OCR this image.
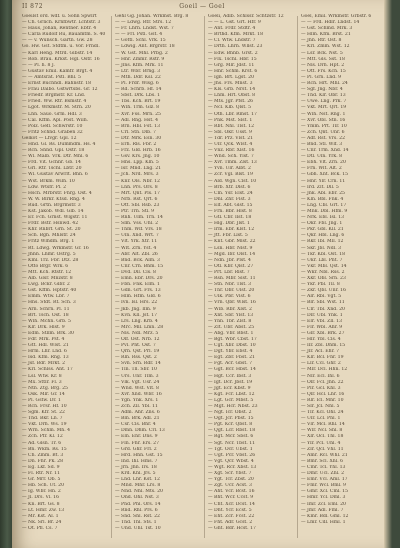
II 872	Goeil — Goel
Goeilst ord. wdf. u. Sohn Spwlrt
— Ch. Grlich. Krnfbwtr. Lchtstr. 3
— Haus, Johan, Rentner. Ebtr. 4
— Carla Rudolf Ru, Bauamtm. S. 40
— — v. Wunsch. Gärtn. Gw. 28
Go. Hw. Gst. Stdtm. u. Vor. Frndl.
— Karl Heng. Mtrd. Glbstr. 14
— Rob. Brau. Krkst. Hgl. Ostr. 16
— — Pl. h. 8 J.
— Gustav Emil. Kämfr. Brgt. 4
— — Amtsrat. Pstl. Bhl. 5
— Ernst Buchhdl. Bahnstr. 18
— Frau Dalbo. Gstwrtsbs. Gr. 12
— Friedr. Brgmstr. Kr. Lnd.
— Fried. Ww. Rtr. Bsmstr. 4
— Lgot. Wrkmstr. M. Strn. 20
— Lhn. Sauo. Grm. Hdl. 3
— Cal. Kffm. Apl. Post. Wilh.
— Polz. Gefl. Schwrstr. 10
— Fritz Schnd. Graben 32
Gelkot — Lfvgr. Gpl. 12
— Hnd. Gl. Rs. Dummdm. Hs. 4
— Rch. Shnd. Gpl. Ostr. 18
— Wl. Malb. Vrk. Dtr. Mhl. 6
— Frd. Vit. Gchnr. Gb. 14
— Grl. Rtr. Tschl. Lbtr. 20
— Wl. Gustav Arwrlt. Bhn. 6
— Wst. Brkm. Wilh. 10
— Ldw. Wtsfr. Pl. 2
— Hsch. Mrbrstr. Fhrg. Ost. 4
— W. W. Blrkr. Ktsd. Rhg. 4
— Rud. Grtn. Brgrmstr. 3
— Kst. Jakob. Wdl. Glb. 14
— Er. Fch. Grnst. Wlgstr. 11
— Frdr. Bstr. Hsnwd. 42
— Khr. Rnbrf. Grn. St. 20
— Sch. Bgh. Mhlstr. 24
— Fritz Wlhdm. Brg. 1
— Rt. Ldwg. Wrkmstr. Gr. 16
— Jhnn. Lhmr. Ostrg. 5
— Kml. Trz. Fbr. Dtz. 28
— Otto Brgr. Wrk. 6
— Mtt. Kch. Rtstr. 12
— Alb. Glsr. Mnzstr. 8
— Lwg. Bckr. Glbr. 2
— Gst. Kffm. Hptstr. 40
— Emm. Wtw. Lbr. 7
— Hns. Stdt. Rt. Sch. 3
— Arn. Schrn. Pl. 11
— Brt. Tsch. Ost. 18
— Wlh. Mchn. Grb. 5
— Klr. Drk. Hlst. 9
— Edm. Stllm. Brk. 30
— Fdr. Mrk. Pst. 4
— Gtt. Hdl. Wlst. 21
— Hrm. Lhr. Lnd. 6
— Isd. Kfm. Rng. 13
— Jsf. Bdr. Mrkt. 2
— Krl. Schlss. Ant. 17
— Lsl. Wtw. Kr. 8
— Mx. Sttlr. Fl. 3
— Ntn. Ztg. Brg. 25
— Osk. Mlr. Gr. 14
— Pl. Gstw. Dr. 1
— Rch. Frsr. Hf. 10
— Sgm. Kfr. St. 22
— Thd. Bkr. Ln. 7
— Vkt. Drh. Ws. 19
— Wrn. Schm. Mh. 4
— Zch. Pfr. Kl. 12
— Ad. Glsn. Tr. 6
— Bn. Wkm. Rs. 15
— Ch. Zmm. Bt. 3
— Dn. Fhr. Pk. 28
— Eg. Lkf. Sd. 9
— Fl. Rtr. Nr. 11
— Gr. Mrr. Ob. 5
— Hb. Sch. Ut. 20
— Ig. Wbr. Hn. 2
— Jl. Drs. Vl. 16
— Kn. Brt. Gs. 8
— Lt. Hmr. Zw. 13
— Mr. Kst. Al. 1
— Nk. Srl. Br. 24
— Ot. Pfl. Cs. 7
Gehl Gg. Johan. Wrkmst. Brg. 8
— — Ldwg. Rtr. Strs. 12
— Fr. Lhrn. Lndst. Wst. 7
— — Frl. Pstl. Gst. 4
— Gottl. Schl. Vrk. 15
— Ldwig. Ant. Brgrstr. 18
— W. Gst. Mhl. Prbg. 2
— Hnr. Zmmr. Rstr. 9
— Jlns. Kfm. Mrk. 11
— Ltr. Wbr. Brng. 3
— Mth. Ddr. Ksl. 22
— Pl. Frdr. Wlsg. 6
— Rd. Schrb. Hf. 14
— Sbst. Drk. Lbs. 1
— Tbs. Kch. Brt. 19
— Wlh. Trm. Glz. 8
— Xvr. Fss. Mrn. 25
— Adl. Rng. Hst. 4
— Brn. Hbl. Fst. 13
— Crl. Stn. Dlb. 7
— Dtr. Mrk. Esn. 30
— Erh. Rls. Fbr. 2
— Frz. Gld. Hrb. 16
— Gsv. Krs. Jng. 10
— Hns. Lpp. Kln. 5
— Isr. Mnd. Lng. 21
— Jch. Nrd. Mrs. 3
— Knr. Ols. Nbr. 12
— Lnh. Prs. Ors. 8
— Mrt. Qnt. Pls. 17
— Nrb. Rst. Qrt. 6
— Ott. Sbl. Rsb. 23
— Ptr. Trn. Stl. 9
— Rnh. Ulm. Trn. 14
— Slm. Vss. Uhl. 2
— Thm. Wlf. Vrs. 18
— Uln. Xnd. Wrt. 7
— Vlt. Yrk. Xtr. 11
— Wlt. Zrn. Yst. 4
— Abr. Alt. Zbl. 26
— Bnd. Bck. Alm. 3
— Cnr. Crn. Bhm. 15
— Dvd. Dll. Cls. 8
— Emn. Ebr. Drs. 20
— Fbn. Fnk. Elm. 1
— Gdn. Grt. Frs. 13
— Hlm. Hfm. Gld. 6
— Ivn. Isl. Hrs. 22
— Jkb. Jng. Ilm. 9
— Kvn. Kll. Jst. 17
— Lrs. Lng. Krb. 4
— Mrc. Mll. Lmn. 28
— Nls. Ndl. Mrz. 5
— Olf. Ost. Nrb. 12
— Pvl. Pnt. Ost. 7
— Qrn. Qst. Prl. 19
— Rln. Rss. Qst. 2
— Svn. Srn. Rdr. 14
— Tln. Tll. Sbr. 10
— Urs. Unr. Tlm. 3
— Vlk. Vgt. Usr. 24
— Wnd. Wst. Vlt. 8
— Xvr. Xnd. Wbr. 16
— Ygn. Ynk. Xrs. 1
— Zch. Zll. Ybl. 11
— Adm. Ahr. Zns. 6
— Bln. Brk. Adl. 21
— Csr. Cls. Bhr. 4
— Dmn. Dhm. Crl. 13
— Eln. Ehr. Dns. 9
— Fln. Fhr. Ers. 27
— Grd. Ghr. Frl. 2
— Hrd. Hhn. Gst. 15
— Ind. Ihl. Hms. 7
— Jrn. Jhn. Irs. 18
— Krd. Khl. Jrs. 5
— Lnd. Lhr. Kst. 12
— Mnd. Mhr. Lrs. 8
— Nnd. Nhl. Mts. 20
— Ond. Ohl. Nst. 3
— Pnd. Phl. Ors. 14
— Rnd. Rhl. Prs. 6
— Snd. Shl. Rst. 22
— Tnd. Thl. Sts. 1
— Und. Uhl. Tst. 10
Goeli, Adlb. Schlssr. Schtzstr. 12
— — L. Gst. Grt. Hfr. 9
— Ant. Frdr. Stdtr. 4
— Brthd. Kfm. Mrkt. 18
— Cl. Wtw. Lndstr. 7
— Drth. Lhrn. Wllst. 23
— Edw. Bhnb. Grst. 2
— Flx. Tschl. Hbr. 15
— Grg. Mlr. Jdst. 11
— Hnr. Schm. Krst. 6
— Ign. Brt. Lgst. 20
— Jhs. Frs. Mnst. 3
— Kls. Grb. Nrst. 14
— Lhm. Hrt. Obst. 8
— Mts. Jgr. Pfst. 26
— Ncl. Klb. Qlst. 5
— Oth. Lbr. Rmst. 17
— Pnk. Mst. Slst. 1
— Rbt. Nhl. Tlst. 12
— Sbl. Okr. Usst. 9
— Tdr. Prz. Vlst. 21
— Ulr. Qck. Wlst. 4
— Vnz. Rbr. Xlst. 16
— Wnd. Sch. Ylst. 7
— Xvr. Tmm. Zlst. 13
— Yvn. Ulr. Albt. 2
— Zcr. Vgl. Blst. 19
— Ald. Wgn. Clst. 10
— Brb. Xtr. Dlst. 6
— Cln. Ysr. Elst. 24
— Dnl. Zhr. Flst. 3
— Elf. Abt. Glst. 15
— Frn. Bbr. Hlst. 8
— Gtl. Cbr. Ilst. 18
— Hlg. Dbr. Jlst. 1
— Irm. Ebr. Klst. 12
— Jtt. Fbr. Llst. 5
— Knt. Gbr. Mlst. 22
— Lsn. Hbr. Nlst. 9
— Mgd. Ibr. Olst. 14
— Ndn. Jbr. Plst. 4
— Otl. Kbr. Qlst. 27
— Prt. Lbr. Rlst. 7
— Rsn. Mbr. Slst. 11
— Stn. Nbr. Tlst. 3
— Thr. Obr. Ulst. 20
— Ulk. Pbr. Vlst. 6
— Vrn. Qbr. Wlst. 16
— Wlb. Rbr. Xlst. 2
— Xnt. Sbr. Ylst. 13
— Ynn. Tbr. Zlst. 8
— Zlt. Ubr. Abst. 25
— Abg. Vbr. Bbst. 1
— Bgt. Wbr. Cbst. 17
— Cgt. Xbr. Dbst. 10
— Dgt. Ybr. Ebst. 4
— Egt. Zbr. Fbst. 21
— Fgt. Acr. Gbst. 7
— Ggt. Bcr. Hbst. 14
— Hgt. Ccr. Ibst. 3
— Igt. Dcr. Jbst. 19
— Jgt. Ecr. Kbst. 9
— Kgt. Fcr. Lbst. 12
— Lgt. Gcr. Mbst. 5
— Mgt. Hcr. Nbst. 23
— Ngt. Icr. Obst. 2
— Ogt. Jcr. Pbst. 15
— Pgt. Kcr. Qbst. 8
— Qgt. Lcr. Rbst. 18
— Rgt. Mcr. Sbst. 6
— Sgt. Ncr. Tbst. 11
— Tgt. Ocr. Ubst. 1
— Ugt. Pcr. Vbst. 26
— Vgt. Qcr. Wbst. 4
— Wgt. Rcr. Xbst. 13
— Xgt. Scr. Ybst. 7
— Ygt. Tcr. Zbst. 20
— Zgt. Ucr. Acst. 3
— Aht. Vcr. Bcst. 16
— Bht. Wcr. Ccst. 9
— Cht. Xcr. Dcst. 14
— Dht. Ycr. Ecst. 5
— Eht. Zcr. Fcst. 22
— Fht. Adr. Gcst. 2
— Ght. Bdr. Hcst. 17
Goel, Emil. Wrkmstr. Grbstr. 6
— — Frd. Hdlr. Lndst. 14
— Gst. Schmd. Mrk. 3
— Hlm. Kfm. Brst. 21
— Jhn. Rtr. Ost. 8
— Krl. Zmm. Wst. 12
— Lsr. Bck. Nst. 5
— Mtt. Gls. Sst. 18
— Nls. Drh. Hpt. 2
— Ott. Frs. Kch. 15
— Pl. Grn. Lnd. 9
— Rch. Hrt. Mhl. 24
— Sgf. Jng. Nbr. 4
— Thd. Klr. Obr. 13
— Uwe. Lng. Prk. 7
— Vkt. Mrt. Qrt. 19
— Wlh. Nst. Rng. 1
— Xvr. Obl. Stn. 16
— Ymm. Prt. Tlr. 10
— Zch. Qnt. Unr. 6
— Adf. Rst. Vrs. 22
— Bnd. Stl. Wlf. 3
— Cnr. Trm. Xnd. 14
— Dtl. Uln. Yrk. 8
— Ebh. Vlt. Zrn. 20
— Frn. Wlt. Alt. 2
— Gbh. Xnt. Bck. 15
— Hnr. Ylr. Crn. 11
— Ird. Zlt. Dll. 5
— Jnk. Abl. Ebr. 25
— Kln. Bbl. Fnk. 4
— Lng. Cbl. Grt. 17
— Mnk. Dbl. Hfm. 9
— Nrk. Ebl. Isl. 13
— Okr. Fbl. Jng. 1
— Pkr. Gbl. Kll. 21
— Qkr. Hbl. Lng. 6
— Rkr. Ibl. Mll. 12
— Skr. Jbl. Ndl. 3
— Tkr. Kbl. Ost. 18
— Ukr. Lbl. Pnt. 7
— Vkr. Mbl. Qst. 14
— Wkr. Nbl. Rss. 2
— Xkr. Obl. Srn. 23
— Ykr. Pbl. Tll. 8
— Zkr. Qbl. Unr. 16
— Alr. Rbl. Vgt. 5
— Blr. Sbl. Wst. 11
— Clr. Tbl. Xnd. 20
— Dlr. Ubl. Ynk. 1
— Elr. Vbl. Zll. 13
— Flr. Wbl. Ahr. 9
— Glr. Xbl. Brk. 27
— Hlr. Ybl. Cls. 4
— Ilr. Zbl. Dhm. 15
— Jlr. Acl. Ehr. 7
— Klr. Bcl. Fhr. 19
— Llr. Ccl. Ghr. 2
— Mlr. Dcl. Hhn. 12
— Nlr. Ecl. Ihl. 6
— Olr. Fcl. Jhn. 22
— Plr. Gcl. Khl. 3
— Qlr. Hcl. Lhr. 16
— Rlr. Icl. Mhr. 10
— Slr. Jcl. Nhl. 5
— Tlr. Kcl. Ohl. 24
— Ulr. Lcl. Phl. 1
— Vlr. Mcl. Rhl. 14
— Wlr. Ncl. Shl. 8
— Xlr. Ocl. Thl. 18
— Ylr. Pcl. Uhl. 4
— Zlr. Qcl. Vhl. 11
— Amr. Rcl. Whl. 21
— Bmr. Scl. Xhl. 6
— Cmr. Tcl. Yhl. 13
— Dmr. Ucl. Zhl. 2
— Emr. Vcl. Aml. 17
— Fmr. Wcl. Bml. 9
— Gmr. Xcl. Cml. 15
— Hmr. Ycl. Dml. 3
— Imr. Zcl. Eml. 20
— Jmr. Adl. Fml. 7
— Kmr. Bdl. Gml. 12
— Lmr. Cdl. Hml. 1
